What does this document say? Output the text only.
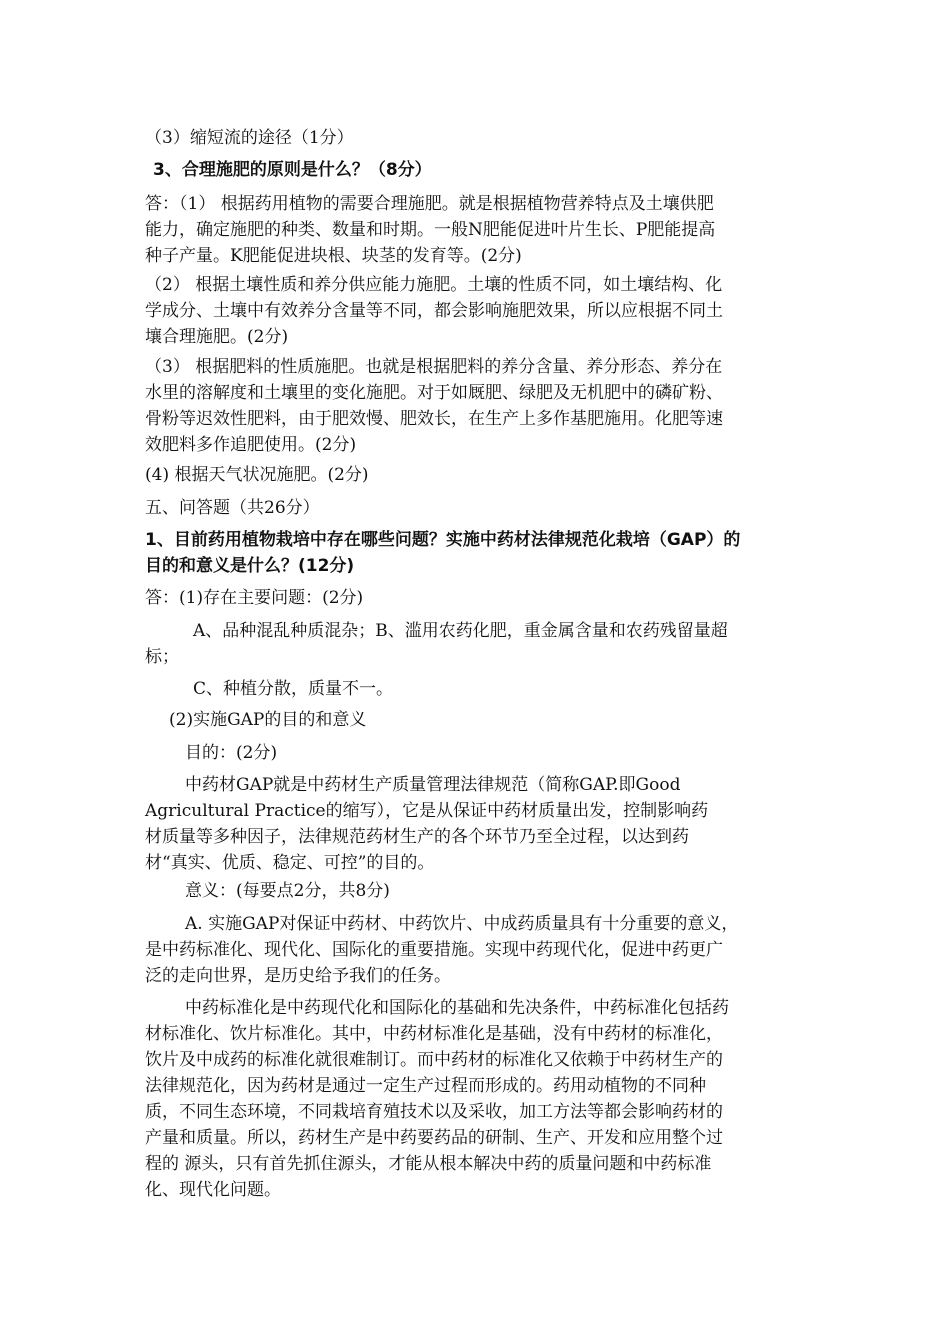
（3）缩短流的途径（1分）
3、合理施肥的原则是什么？（8分）
答：（1） 根据药用植物的需要合理施肥。就是根据植物营养特点及土壤供肥
能力，确定施肥的种类、数量和时期。一般N肥能促进叶片生长、P肥能提高
种子产量。K肥能促进块根、块茎的发育等。(2分)
（2） 根据土壤性质和养分供应能力施肥。土壤的性质不同，如土壤结构、化
学成分、土壤中有效养分含量等不同，都会影响施肥效果，所以应根据不同土
壤合理施肥。(2分)
（3） 根据肥料的性质施肥。也就是根据肥料的养分含量、养分形态、养分在
水里的溶解度和土壤里的变化施肥。对于如厩肥、绿肥及无机肥中的磷矿粉、
骨粉等迟效性肥料，由于肥效慢、肥效长，在生产上多作基肥施用。化肥等速
效肥料多作追肥使用。(2分)
(4) 根据天气状况施肥。(2分)
五、问答题（共26分）
1、目前药用植物栽培中存在哪些问题？实施中药材法律规范化栽培（GAP）的
目的和意义是什么？(12分)
答：(1)存在主要问题：(2分)
A、品种混乱种质混杂；B、滥用农药化肥，重金属含量和农药残留量超
标；
C、种植分散，质量不一。
(2)实施GAP的目的和意义
目的：(2分)
中药材GAP就是中药材生产质量管理法律规范（简称GAP.即Good
Agricultural Practice的缩写），它是从保证中药材质量出发，控制影响药
材质量等多种因子，法律规范药材生产的各个环节乃至全过程，以达到药
材“真实、优质、稳定、可控”的目的。
意义：(每要点2分，共8分)
A. 实施GAP对保证中药材、中药饮片、中成药质量具有十分重要的意义，
是中药标准化、现代化、国际化的重要措施。实现中药现代化，促进中药更广
泛的走向世界，是历史给予我们的任务。
中药标准化是中药现代化和国际化的基础和先决条件，中药标准化包括药
材标准化、饮片标准化。其中，中药材标准化是基础，没有中药材的标准化，
饮片及中成药的标准化就很难制订。而中药材的标准化又依赖于中药材生产的
法律规范化，因为药材是通过一定生产过程而形成的。药用动植物的不同种
质，不同生态环境，不同栽培育殖技术以及采收，加工方法等都会影响药材的
产量和质量。所以，药材生产是中药要药品的研制、生产、开发和应用整个过
程的 源头，只有首先抓住源头，才能从根本解决中药的质量问题和中药标准
化、现代化问题。
